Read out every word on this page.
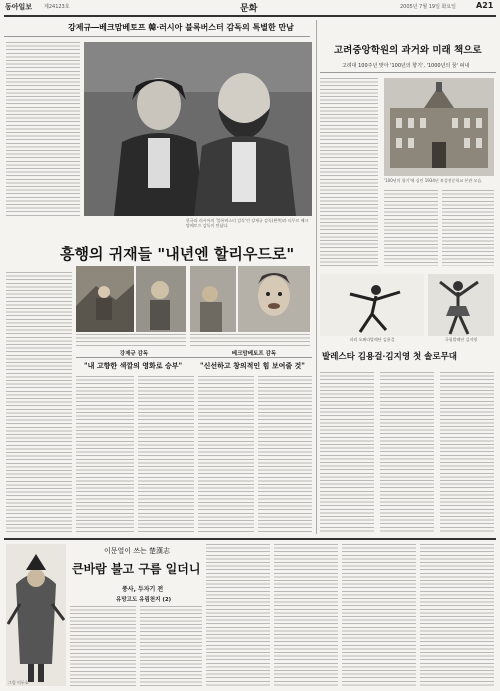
동아일보 제24123호	문화	2005년 7월 19일 화요일 A21
강제규―베크맘베토프 韓·러시아 블록버스터 감독의 특별한 만남
한국과 러시아의 '블록버스터 감독'인 강제규 감독(왼쪽)과 티무르 베크맘베토프 감독이 만났다.
흥행의 귀재들 "내년엔 할리우드로"
강제규 감독	베크맘베토프 감독
"내 고향한 색깔의 영화로 승부"	"신선하고 창의적인 힘 보여줄 것"
고려중앙학원의 과거와 미래 책으로
고려대 100주년 맞아 '100년의 향기', '1000년의 꿈' 펴내
'100년의 향기'에 실린 1934년 보성전문학교 본관 모습.
파리 오페라발레단 김용걸	국립발레단 김지영
발레스타 김용걸·김지영 첫 솔로무대
그림 이두호
이문열이 쓰는 楚漢志
큰바람 불고 구름 일더니
풍사, 두자기 전
유망고도 유림천지 (2)
